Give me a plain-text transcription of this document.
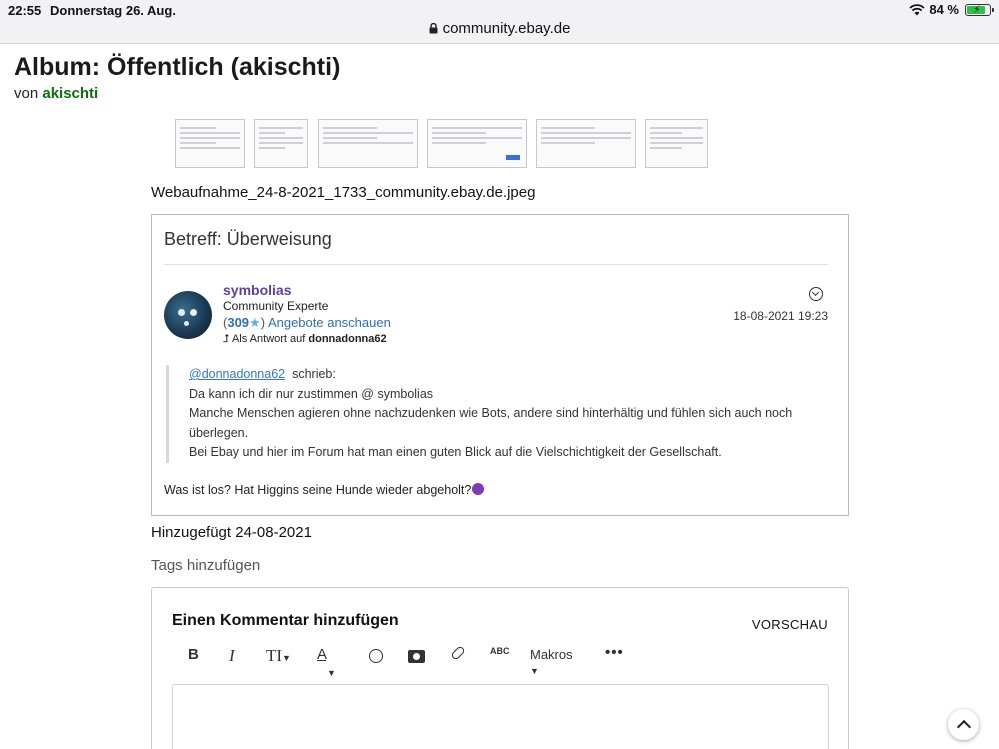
22:55 Donnerstag 26. Aug.
community.ebay.de
84 % ⚡
Album: Öffentlich (akischti)
von akischti
Webaufnahme_24-8-2021_1733_community.ebay.de.jpeg
Betreff: Überweisung
symbolias
Community Experte
(309★) Angebote anschauen
⮥ Als Antwort auf donnadonna62
18-08-2021 19:23
@donnadonna62 schrieb:
Da kann ich dir nur zustimmen @ symbolias
Manche Menschen agieren ohne nachzudenken wie Bots, andere sind hinterhältig und fühlen sich auch noch
überlegen.
Bei Ebay und hier im Forum hat man einen guten Blick auf die Vielschichtigkeit der Gesellschaft.
Was ist los? Hat Higgins seine Hunde wieder abgeholt?
Hinzugefügt 24-08-2021
Tags hinzufügen
Einen Kommentar hinzufügen	VORSCHAU
B I TI▼ A ▼
ABC Makros ▼
•••
